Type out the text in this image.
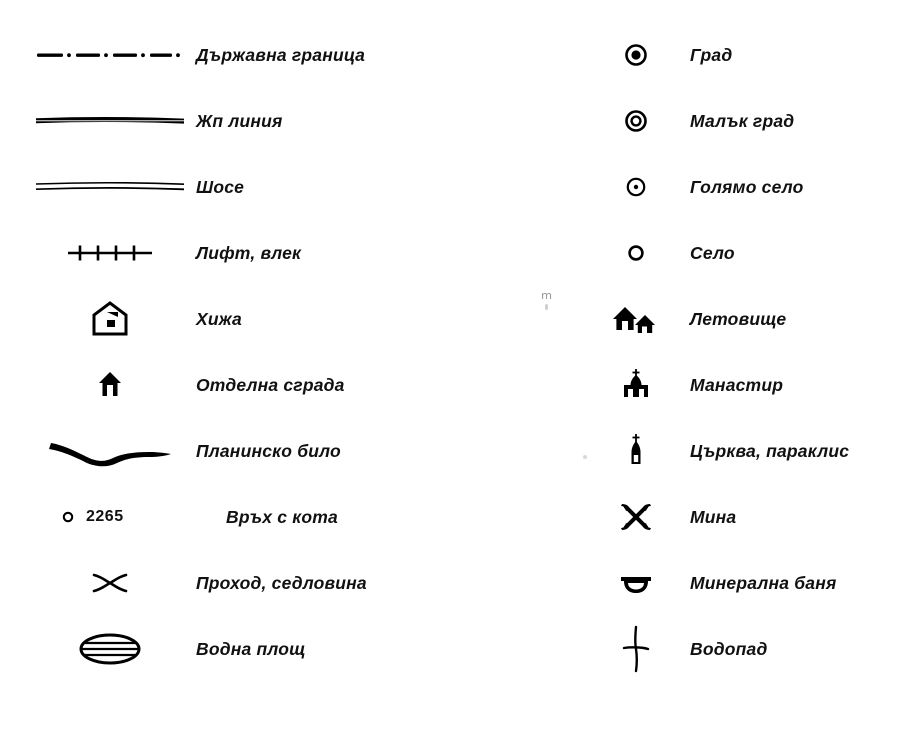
Държавна граница
Жп линия
Шосе
Лифт, влек
Хижа
Отделна сграда
Планинско било
2265	Връх с кота
Проход, седловина
Водна площ
Град
Малък град
Голямо село
Село
Летовище
Манастир
Църква, параклис
Мина
Минерална баня
Водопад
ՠ
